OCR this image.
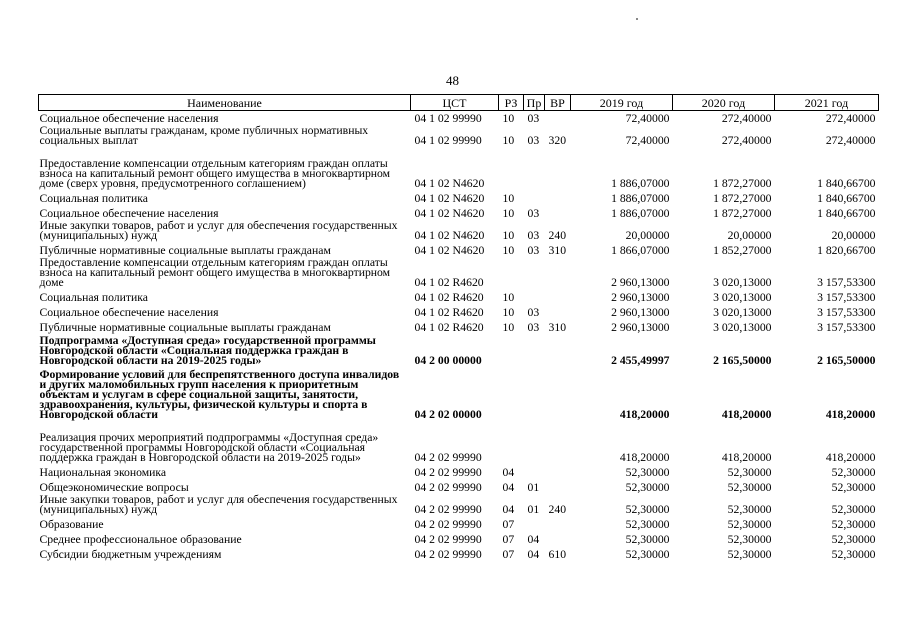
48
Наименование	ЦСТ	РЗ	Пр	ВР	2019 год	2020 год	2021 год
Социальное обеспечение населения	04 1 02 99990	10	03		72,40000	272,40000	272,40000
Социальные выплаты гражданам, кроме публичных нормативных социальных выплат	04 1 02 99990	10	03	320	72,40000	272,40000	272,40000
Предоставление компенсации отдельным категориям граждан оплаты взноса на капитальный ремонт общего имущества в многоквартирном доме (сверх уровня, предусмотренного соглашением)	04 1 02 N4620				1 886,07000	1 872,27000	1 840,66700
Социальная политика	04 1 02 N4620	10			1 886,07000	1 872,27000	1 840,66700
Социальное обеспечение населения	04 1 02 N4620	10	03		1 886,07000	1 872,27000	1 840,66700
Иные закупки товаров, работ и услуг для обеспечения государственных (муниципальных) нужд	04 1 02 N4620	10	03	240	20,00000	20,00000	20,00000
Публичные нормативные социальные выплаты гражданам	04 1 02 N4620	10	03	310	1 866,07000	1 852,27000	1 820,66700
Предоставление компенсации отдельным категориям граждан оплаты взноса на капитальный ремонт общего имущества в многоквартирном доме	04 1 02 R4620				2 960,13000	3 020,13000	3 157,53300
Социальная политика	04 1 02 R4620	10			2 960,13000	3 020,13000	3 157,53300
Социальное обеспечение населения	04 1 02 R4620	10	03		2 960,13000	3 020,13000	3 157,53300
Публичные нормативные социальные выплаты гражданам	04 1 02 R4620	10	03	310	2 960,13000	3 020,13000	3 157,53300
Подпрограмма «Доступная среда» государственной программы Новгородской области «Социальная поддержка граждан в Новгородской области на 2019-2025 годы»	04 2 00 00000				2 455,49997	2 165,50000	2 165,50000
Формирование условий для беспрепятственного доступа инвалидов и других маломобильных групп населения к приоритетным объектам и услугам в сфере социальной защиты, занятости, здравоохранения, культуры, физической культуры и спорта в Новгородской области	04 2 02 00000				418,20000	418,20000	418,20000
Реализация прочих мероприятий подпрограммы «Доступная среда» государственной программы Новгородской области «Социальная поддержка граждан в Новгородской области на 2019-2025 годы»	04 2 02 99990				418,20000	418,20000	418,20000
Национальная экономика	04 2 02 99990	04			52,30000	52,30000	52,30000
Общеэкономические вопросы	04 2 02 99990	04	01		52,30000	52,30000	52,30000
Иные закупки товаров, работ и услуг для обеспечения государственных (муниципальных) нужд	04 2 02 99990	04	01	240	52,30000	52,30000	52,30000
Образование	04 2 02 99990	07			52,30000	52,30000	52,30000
Среднее профессиональное образование	04 2 02 99990	07	04		52,30000	52,30000	52,30000
Субсидии бюджетным учреждениям	04 2 02 99990	07	04	610	52,30000	52,30000	52,30000
